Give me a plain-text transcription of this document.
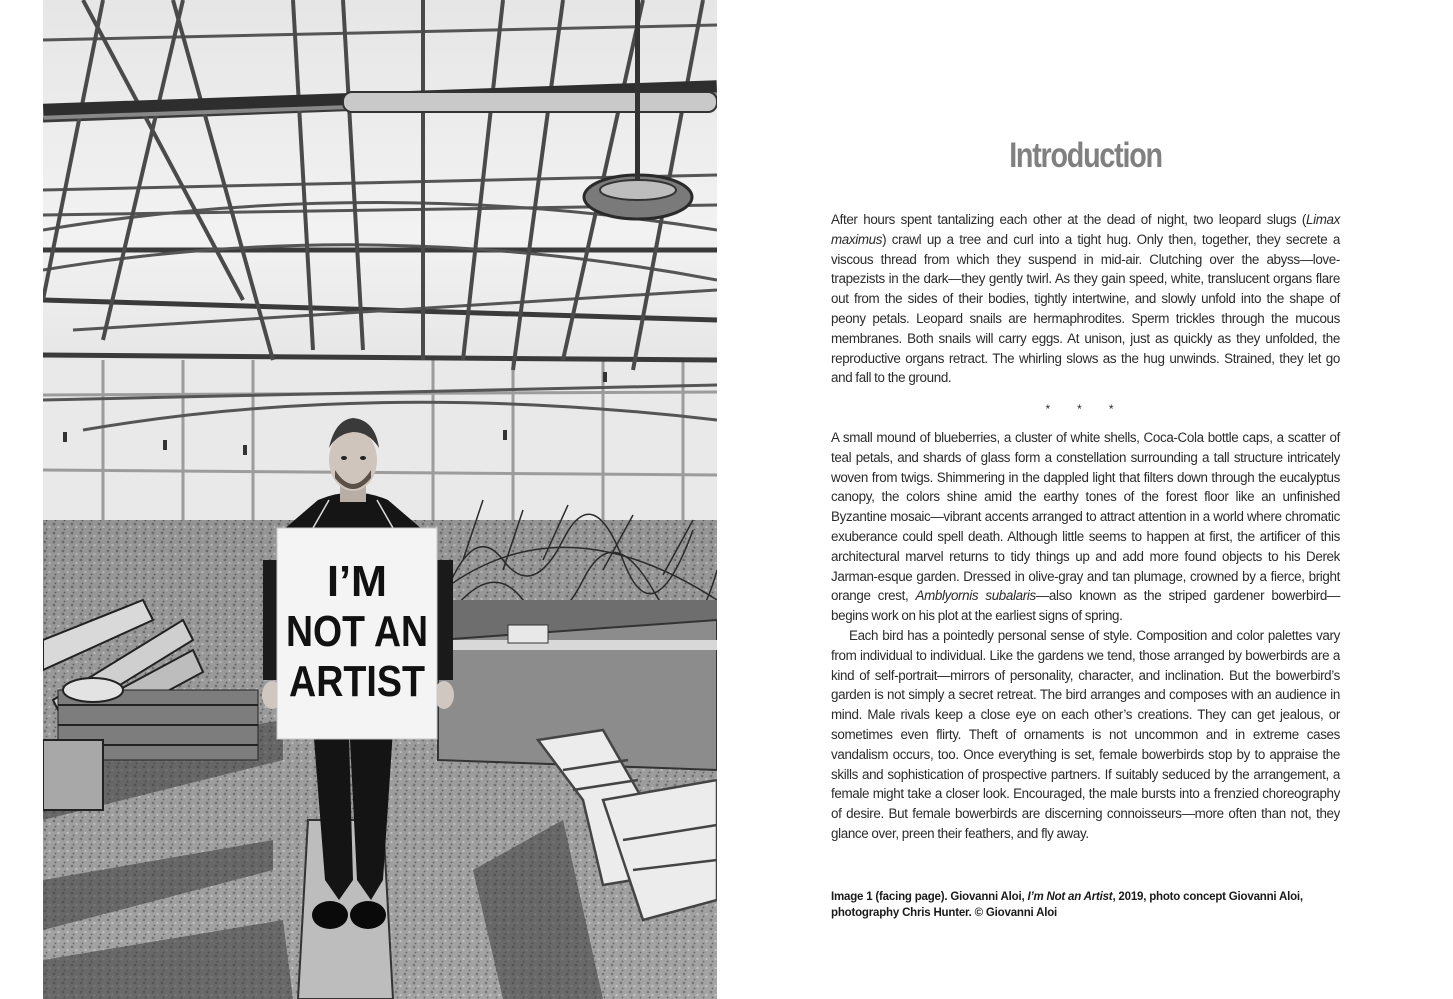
I’M
NOT AN
ARTIST
Introduction

After hours spent tantalizing each other at the dead of night, two leopard slugs (Limax maximus) crawl up a tree and curl into a tight hug. Only then, together, they secrete a viscous thread from which they suspend in mid-air. Clutching over the abyss—love-trapezists in the dark—they gently twirl. As they gain speed, white, translucent organs flare out from the sides of their bodies, tightly intertwine, and slowly unfold into the shape of peony petals. Leopard snails are hermaphrodites. Sperm trickles through the mucous membranes. Both snails will carry eggs. At unison, just as quickly as they unfolded, the reproductive organs retract. The whirling slows as the hug unwinds. Strained, they let go and fall to the ground.

* * *

A small mound of blueberries, a cluster of white shells, Coca-Cola bottle caps, a scatter of teal petals, and shards of glass form a constellation surrounding a tall structure intricately woven from twigs. Shimmering in the dappled light that filters down through the eucalyptus canopy, the colors shine amid the earthy tones of the forest floor like an unfinished Byzantine mosaic—vibrant accents arranged to attract attention in a world where chromatic exuberance could spell death. Although little seems to happen at first, the artificer of this architectural marvel returns to tidy things up and add more found objects to his Derek Jarman-esque garden. Dressed in olive-gray and tan plumage, crowned by a fierce, bright orange crest, Amblyornis subalaris—also known as the striped gardener bowerbird—begins work on his plot at the earliest signs of spring.

Each bird has a pointedly personal sense of style. Composition and color palettes vary from individual to individual. Like the gardens we tend, those arranged by bowerbirds are a kind of self-portrait—mirrors of personality, character, and inclination. But the bowerbird’s garden is not simply a secret retreat. The bird arranges and composes with an audience in mind. Male rivals keep a close eye on each other’s creations. They can get jealous, or sometimes even flirty. Theft of ornaments is not uncommon and in extreme cases vandalism occurs, too. Once everything is set, female bowerbirds stop by to appraise the skills and sophistication of prospective partners. If suitably seduced by the arrangement, a female might take a closer look. Encouraged, the male bursts into a frenzied choreography of desire. But female bowerbirds are discerning connoisseurs—more often than not, they glance over, preen their feathers, and fly away.

Image 1 (facing page). Giovanni Aloi, I’m Not an Artist, 2019, photo concept Giovanni Aloi, photography Chris Hunter. © Giovanni Aloi
